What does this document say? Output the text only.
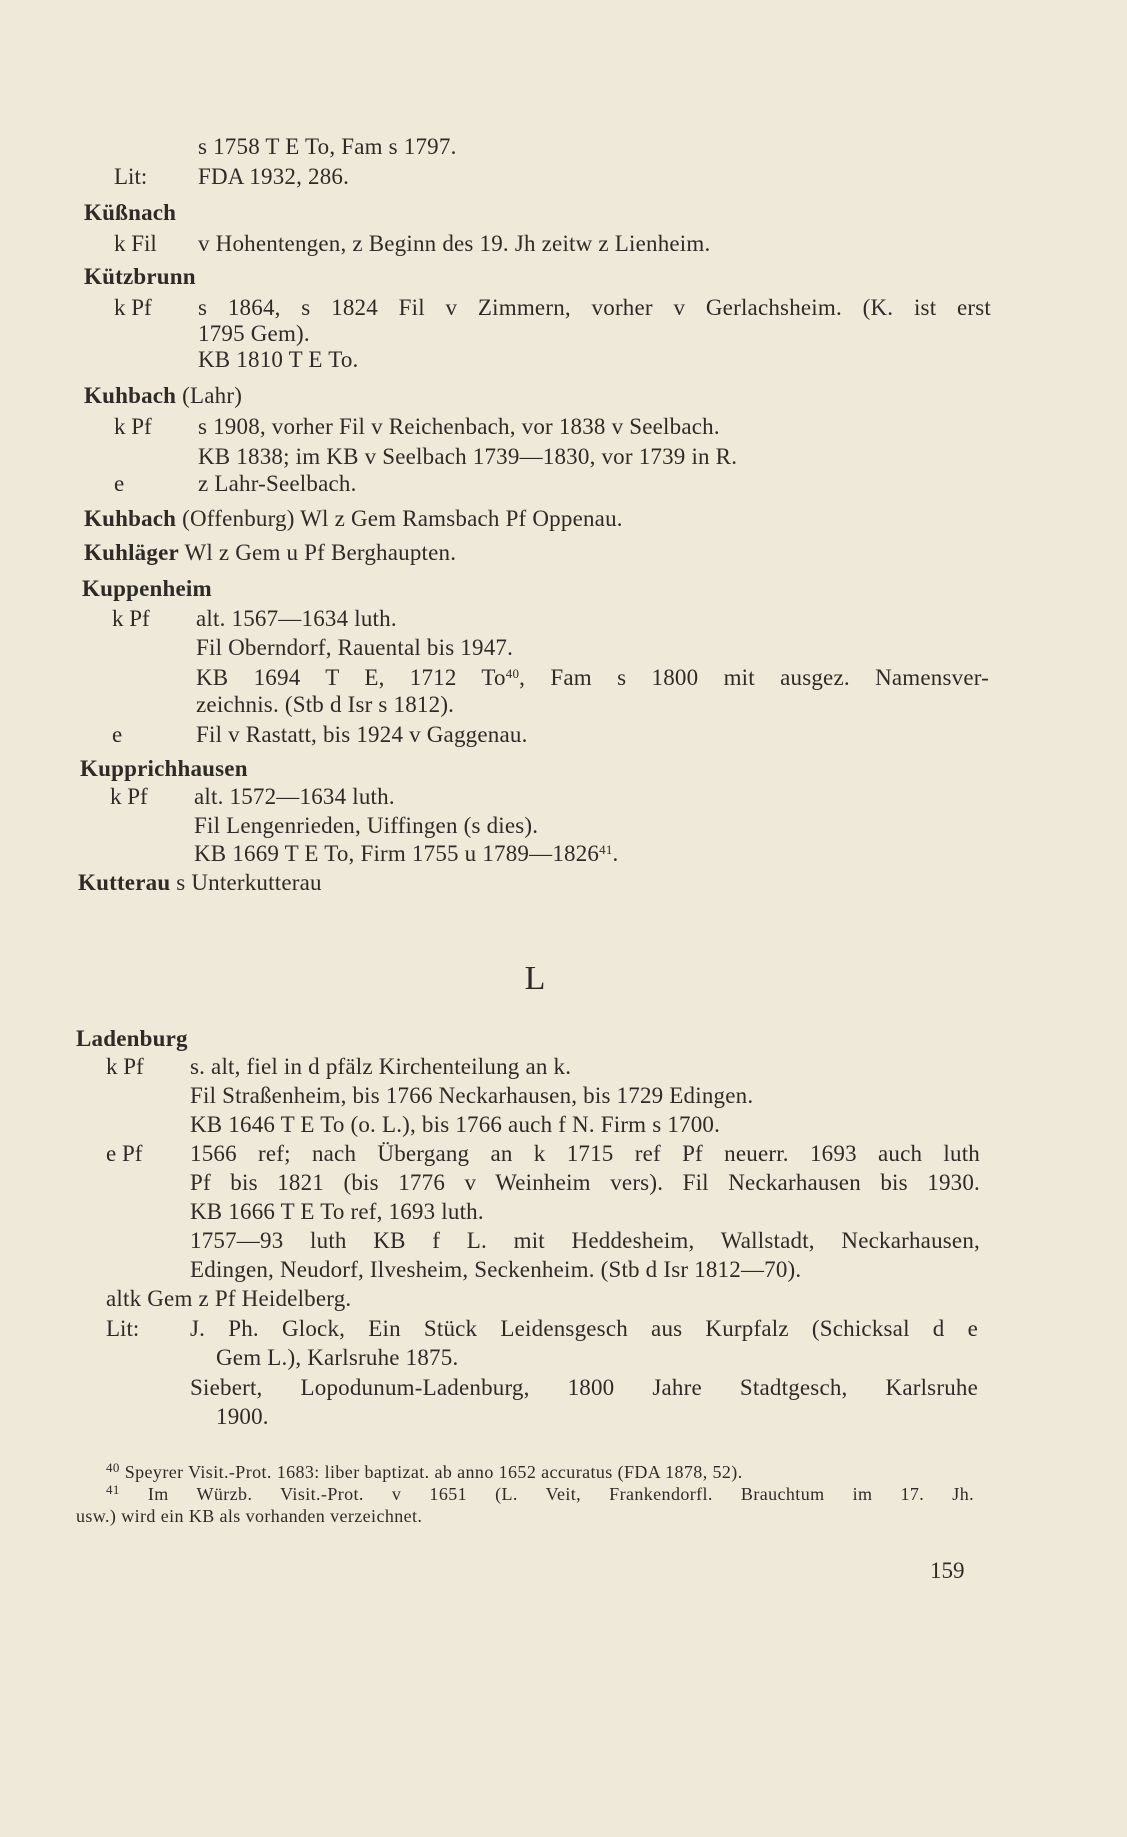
s 1758 T E To, Fam s 1797.
Lit: FDA 1932, 286.
Küßnach
k Fil v Hohentengen, z Beginn des 19. Jh zeitw z Lienheim.
Kützbrunn
k Pf s 1864, s 1824 Fil v Zimmern, vorher v Gerlachsheim. (K. ist erst
1795 Gem).
KB 1810 T E To.
Kuhbach (Lahr)
k Pf s 1908, vorher Fil v Reichenbach, vor 1838 v Seelbach.
KB 1838; im KB v Seelbach 1739—1830, vor 1739 in R.
e	z Lahr-Seelbach.
Kuhbach (Offenburg) Wl z Gem Ramsbach Pf Oppenau.
Kuhläger Wl z Gem u Pf Berghaupten.
Kuppenheim
k Pf alt. 1567—1634 luth.
Fil Oberndorf, Rauental bis 1947.
KB 1694 T E, 1712 To$^{40}$, Fam s 1800 mit ausgez. Namensver-
zeichnis. (Stb d Isr s 1812).
e	Fil v Rastatt, bis 1924 v Gaggenau.
Kupprichhausen
k Pf alt. 1572—1634 luth.
Fil Lengenrieden, Uiffingen (s dies).
KB 1669 T E To, Firm 1755 u 1789—1826$^{41}$.
Kutterau s Unterkutterau
L
Ladenburg
k Pf s. alt, fiel in d pfälz Kirchenteilung an k.
Fil Straßenheim, bis 1766 Neckarhausen, bis 1729 Edingen.
KB 1646 T E To (o. L.), bis 1766 auch f N. Firm s 1700.
e Pf 1566 ref; nach Übergang an k 1715 ref Pf neuerr. 1693 auch luth
Pf bis 1821 (bis 1776 v Weinheim vers). Fil Neckarhausen bis 1930.
KB 1666 T E To ref, 1693 luth.
1757—93 luth KB f L. mit Heddesheim, Wallstadt, Neckarhausen,
Edingen, Neudorf, Ilvesheim, Seckenheim. (Stb d Isr 1812—70).
altk Gem z Pf Heidelberg.
Lit: J. Ph. Glock, Ein Stück Leidensgesch aus Kurpfalz (Schicksal d e
Gem L.), Karlsruhe 1875.
Siebert, Lopodunum-Ladenburg, 1800 Jahre Stadtgesch, Karlsruhe
1900.
$^{40}$ Speyrer Visit.-Prot. 1683: liber baptizat. ab anno 1652 accuratus (FDA 1878, 52).
$^{41}$ Im Würzb. Visit.-Prot. v 1651 (L. Veit, Frankendorfl. Brauchtum im 17. Jh.
usw.) wird ein KB als vorhanden verzeichnet.
159
